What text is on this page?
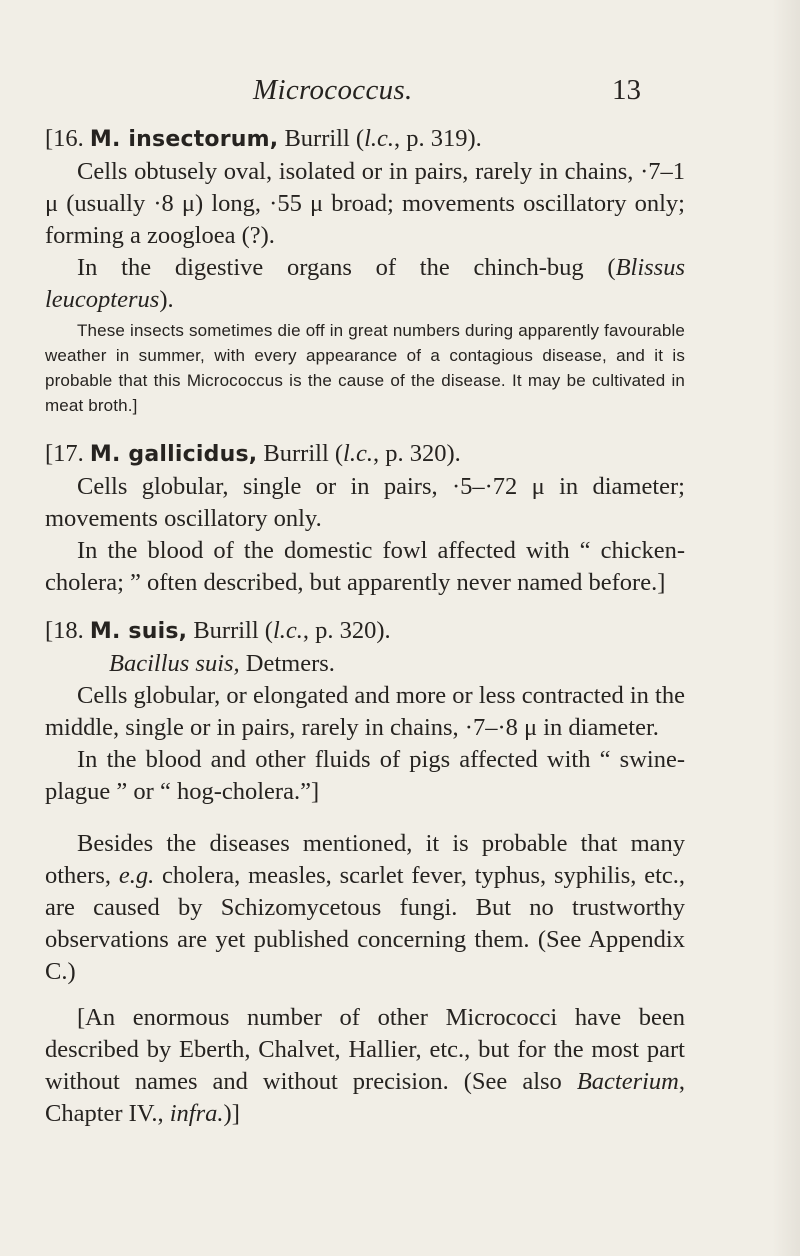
Micrococcus.	13

[16. M. insectorum, Burrill (l.c., p. 319).

Cells obtusely oval, isolated or in pairs, rarely in chains, ·7–1 μ (usually ·8 μ) long, ·55 μ broad; movements oscillatory only; forming a zoogloea (?).

In the digestive organs of the chinch-bug (Blissus leucopterus).

These insects sometimes die off in great numbers during apparently favourable weather in summer, with every appearance of a contagious disease, and it is probable that this Micrococcus is the cause of the disease. It may be cultivated in meat broth.]

[17. M. gallicidus, Burrill (l.c., p. 320).

Cells globular, single or in pairs, ·5–·72 μ in diameter; movements oscillatory only.

In the blood of the domestic fowl affected with “ chicken-cholera; ” often described, but apparently never named before.]

[18. M. suis, Burrill (l.c., p. 320).

Bacillus suis, Detmers.

Cells globular, or elongated and more or less contracted in the middle, single or in pairs, rarely in chains, ·7–·8 μ in diameter.

In the blood and other fluids of pigs affected with “ swine-plague ” or “ hog-cholera.”]

Besides the diseases mentioned, it is probable that many others, e.g. cholera, measles, scarlet fever, typhus, syphilis, etc., are caused by Schizomycetous fungi. But no trustworthy observations are yet published concerning them. (See Appendix C.)

[An enormous number of other Micrococci have been described by Eberth, Chalvet, Hallier, etc., but for the most part without names and without precision. (See also Bacterium, Chapter IV., infra.)]
